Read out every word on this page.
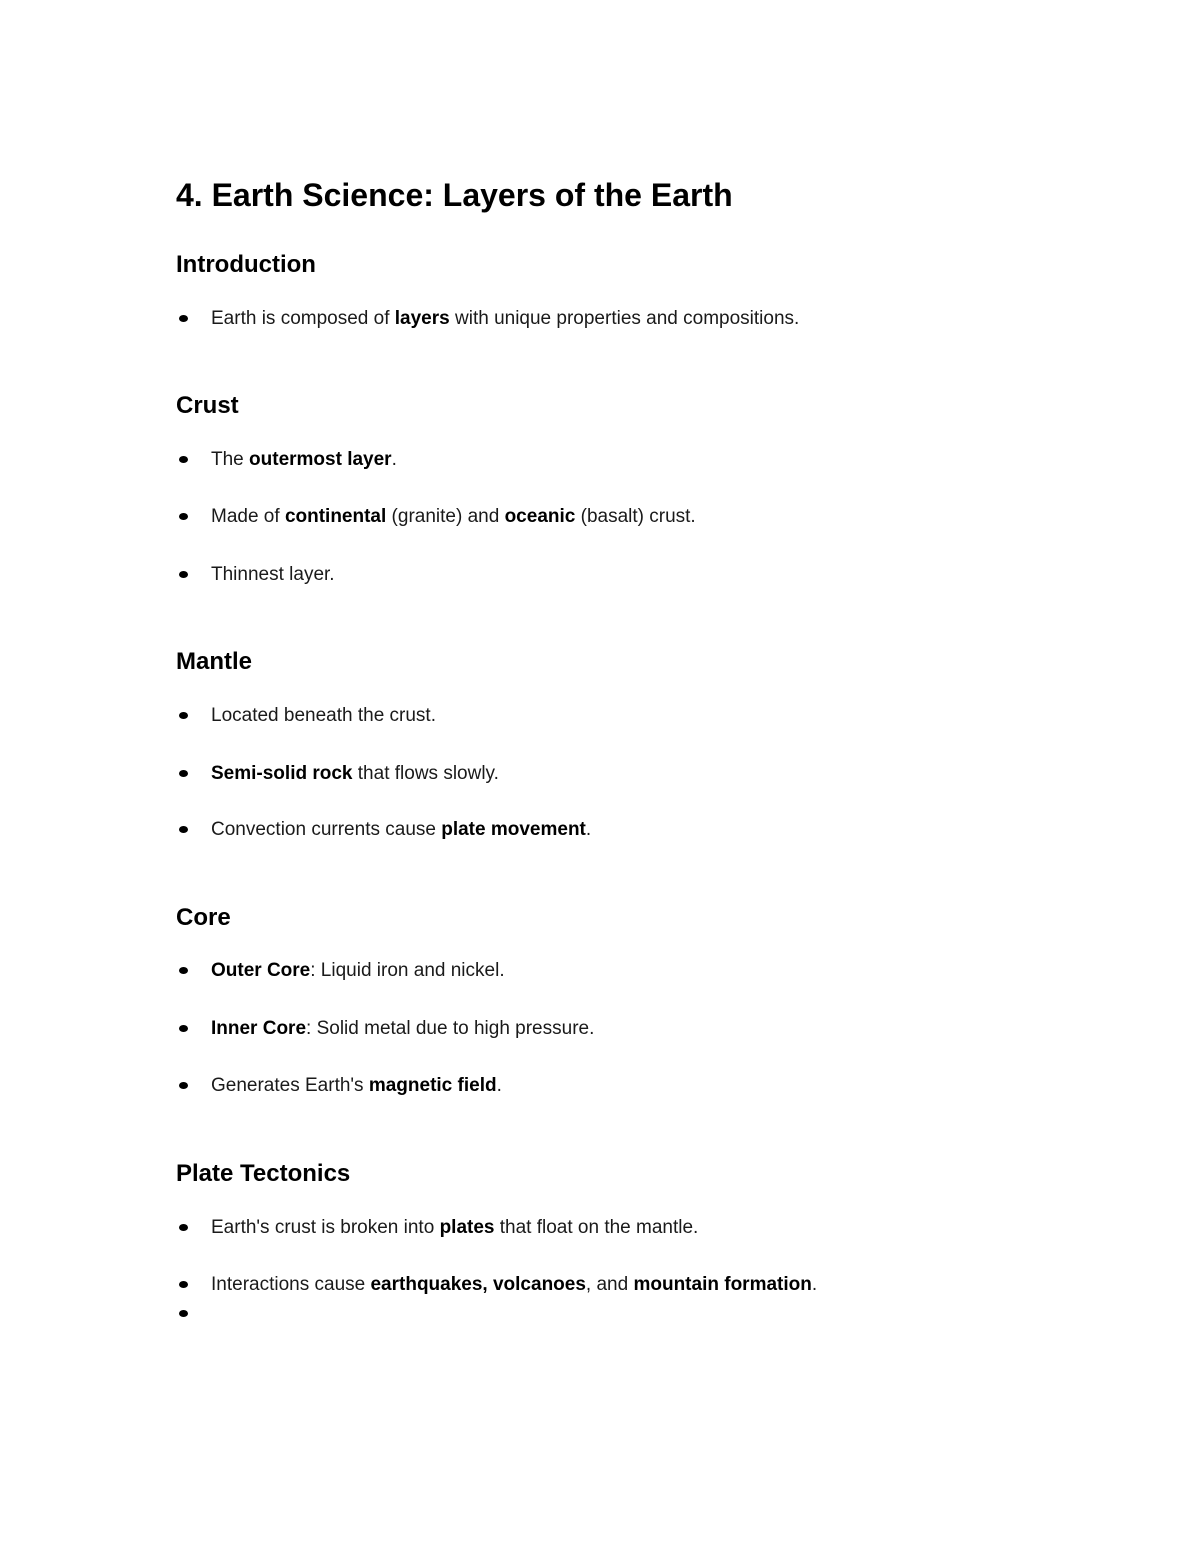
4. Earth Science: Layers of the Earth
Introduction
Earth is composed of layers with unique properties and compositions.
Crust
The outermost layer.
Made of continental (granite) and oceanic (basalt) crust.
Thinnest layer.
Mantle
Located beneath the crust.
Semi-solid rock that flows slowly.
Convection currents cause plate movement.
Core
Outer Core: Liquid iron and nickel.
Inner Core: Solid metal due to high pressure.
Generates Earth's magnetic field.
Plate Tectonics
Earth's crust is broken into plates that float on the mantle.
Interactions cause earthquakes, volcanoes, and mountain formation.
